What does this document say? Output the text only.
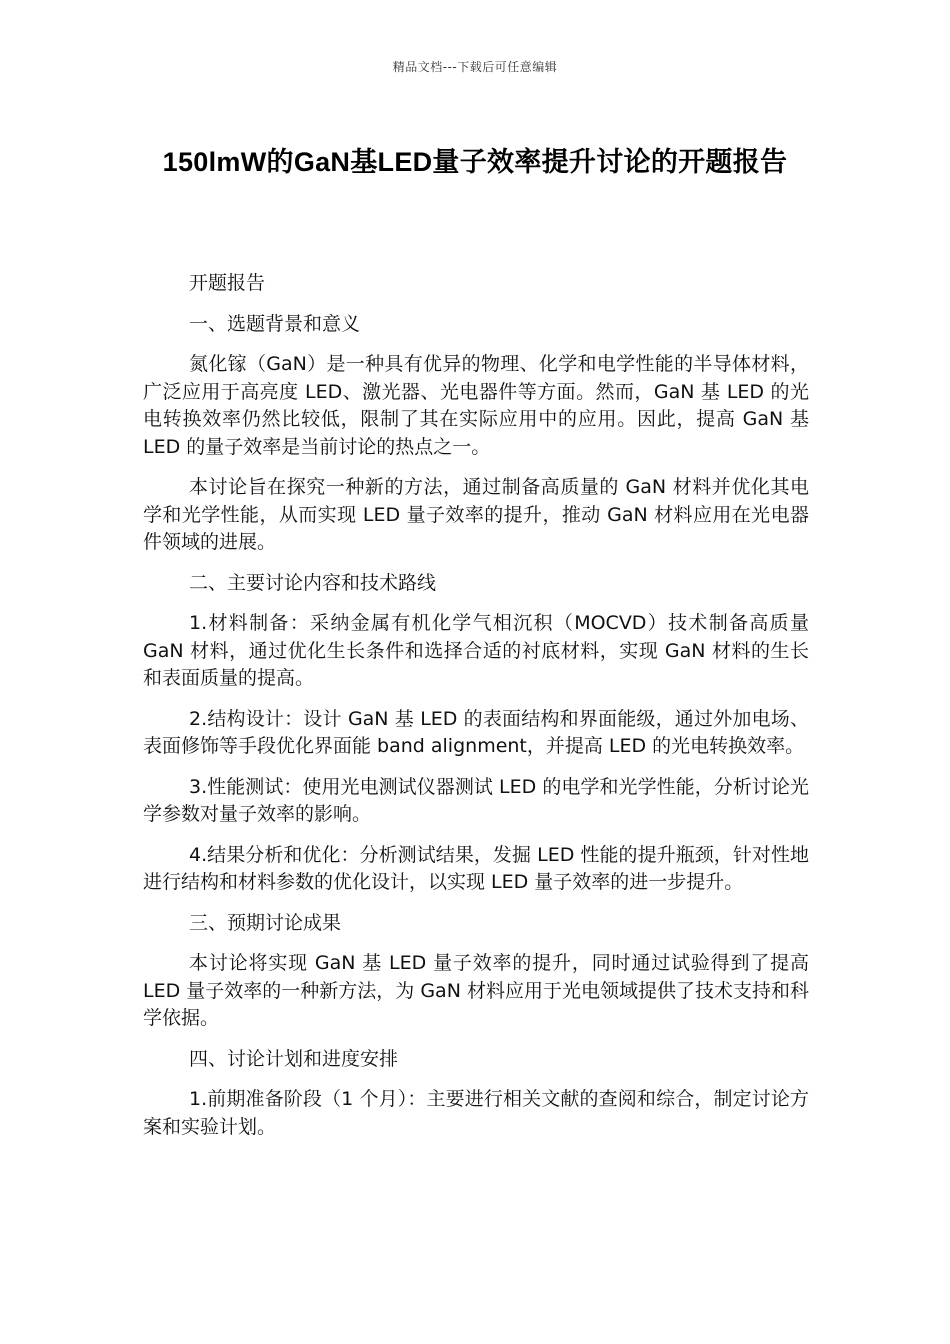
精品文档---下载后可任意编辑
150lmW的GaN基LED量子效率提升讨论的开题报告

开题报告

一、选题背景和意义

氮化镓（GaN）是一种具有优异的物理、化学和电学性能的半导体材料，广泛应用于高亮度 LED、激光器、光电器件等方面。然而，GaN 基 LED 的光电转换效率仍然比较低，限制了其在实际应用中的应用。因此，提高 GaN 基 LED 的量子效率是当前讨论的热点之一。

本讨论旨在探究一种新的方法，通过制备高质量的 GaN 材料并优化其电学和光学性能，从而实现 LED 量子效率的提升，推动 GaN 材料应用在光电器件领域的进展。

二、主要讨论内容和技术路线

1.材料制备：采纳金属有机化学气相沉积（MOCVD）技术制备高质量 GaN 材料，通过优化生长条件和选择合适的衬底材料，实现 GaN 材料的生长和表面质量的提高。

2.结构设计：设计 GaN 基 LED 的表面结构和界面能级，通过外加电场、表面修饰等手段优化界面能 band alignment，并提高 LED 的光电转换效率。

3.性能测试：使用光电测试仪器测试 LED 的电学和光学性能，分析讨论光学参数对量子效率的影响。

4.结果分析和优化：分析测试结果，发掘 LED 性能的提升瓶颈，针对性地进行结构和材料参数的优化设计，以实现 LED 量子效率的进一步提升。

三、预期讨论成果

本讨论将实现 GaN 基 LED 量子效率的提升，同时通过试验得到了提高 LED 量子效率的一种新方法，为 GaN 材料应用于光电领域提供了技术支持和科学依据。

四、讨论计划和进度安排

1.前期准备阶段（1 个月）：主要进行相关文献的查阅和综合，制定讨论方案和实验计划。
